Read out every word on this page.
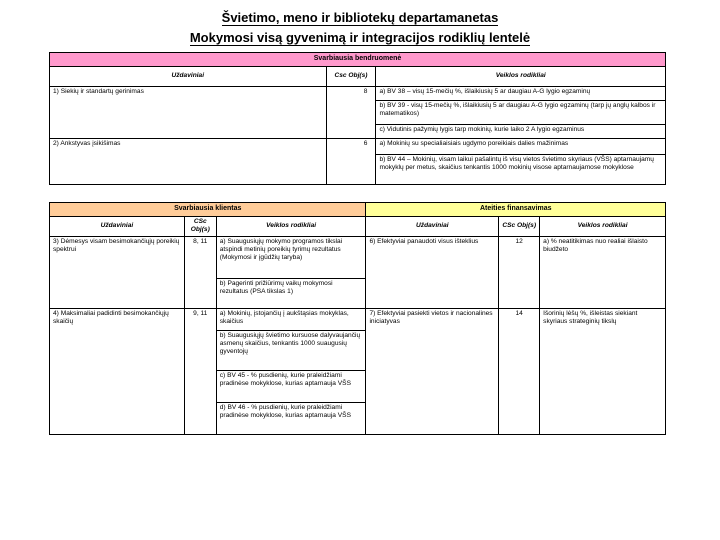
Švietimo, meno ir bibliotekų departamanetas
Mokymosi visą gyvenimą ir integracijos rodiklių lentelė
Svarbiausia bendruomenė		
Uždaviniai	Csc Obj(s)	Veiklos rodikliai
1) Siekių ir standartų gerinimas	8	a) BV 38 – visų 15-mečių %, išlaikiusių 5 ar daugiau A-G lygio egzaminų
		b) BV 39 - visų 15-mečių %, išlaikiusių 5 ar daugiau A-G lygio egzaminų (tarp jų anglų kalbos ir matematikos)
		c) Vidutinis pažymių lygis tarp mokinių, kurie laiko 2 A lygio egzaminus
2) Ankstyvas įsikišimas	6	a) Mokinių su specialiaisiais ugdymo poreikiais dalies mažinimas
		b) BV 44 – Mokinių, visam laikui pašalintų iš visų vietos švietimo skyriaus (VŠS) aptarnaujamų mokyklų per metus, skaičius tenkantis 1000 mokinių visose aptarnaujamose mokyklose
Svarbiausia klientas			Ateities finansavimas		
Uždaviniai	CSc Obj(s)	Veiklos rodikliai	Uždaviniai	CSc Obj(s)	Veiklos rodikliai
3) Dėmesys visam besimokančiųjų poreikių spektrui	8, 11	a) Suaugusiųjų mokymo programos tikslai atspindi metinių poreikių tyrimų rezultatus (Mokymosi ir įgūdžių taryba)	6) Efektyviai panaudoti visus išteklius	12	a) % neatitikimas nuo realiai išlaisto biudžeto
		b) Pagerinti prižiūrimų vaikų mokymosi rezultatus (PSA tikslas 1)			
4) Maksimaliai padidinti besimokančiųjų skaičių	9, 11	a) Mokinių, įstojančių į aukštąsias mokyklas, skaičius	7) Efektyviai pasiekti vietos ir nacionalines iniciatyvas	14	Išorinių lėšų %, išleistas siekiant skyriaus strateginių tikslų
		b) Suaugusiųjų švietimo kursuose dalyvaujančių asmenų skaičius, tenkantis 1000 suaugusių gyventojų			
		c) BV 45 - % pusdienių, kurie praleidžiami pradinėse mokyklose, kurias aptarnauja VŠS			
		d) BV 46 - % pusdienių, kurie praleidžiami pradinėse mokyklose, kurias aptarnauja VŠS			
